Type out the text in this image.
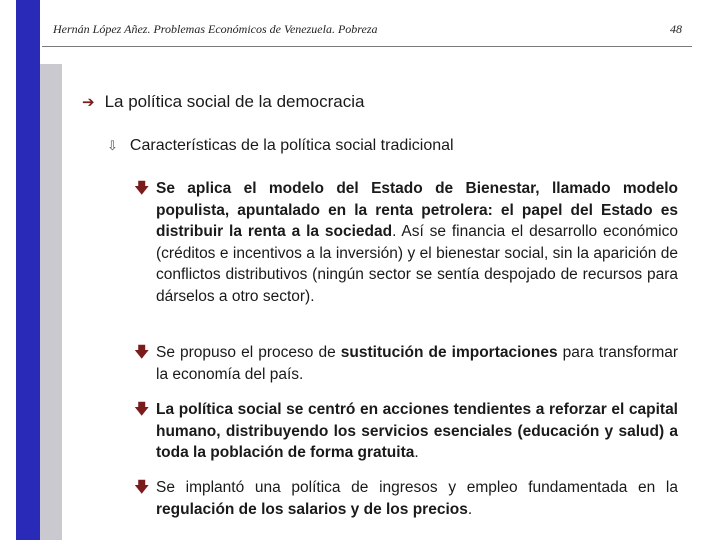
Hernán López Añez. Problemas Económicos de Venezuela. Pobreza	48
➔ La política social de la democracia
⇩ Características de la política social tradicional
🡇 Se aplica el modelo del Estado de Bienestar, llamado modelo populista, apuntalado en la renta petrolera: el papel del Estado es distribuir la renta a la sociedad. Así se financia el desarrollo económico (créditos e incentivos a la inversión) y el bienestar social, sin la aparición de conflictos distributivos (ningún sector se sentía despojado de recursos para dárselos a otro sector).
🡇 Se propuso el proceso de sustitución de importaciones para transformar la economía del país.
🡇 La política social se centró en acciones tendientes a reforzar el capital humano, distribuyendo los servicios esenciales (educación y salud) a toda la población de forma gratuita.
🡇 Se implantó una política de ingresos y empleo fundamentada en la regulación de los salarios y de los precios.
